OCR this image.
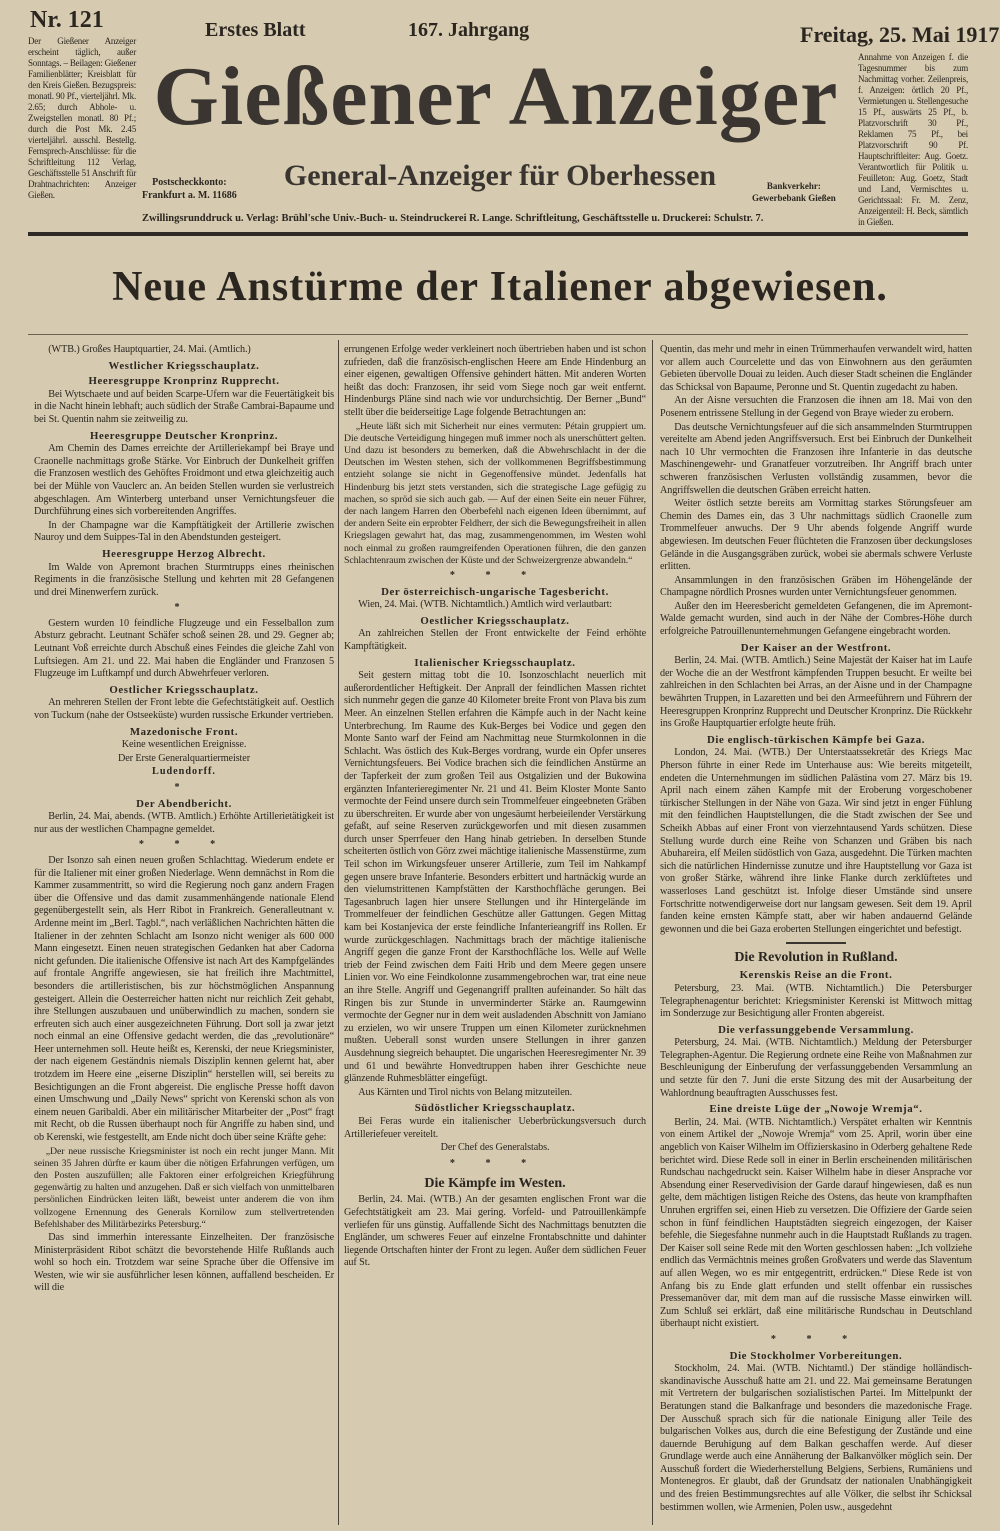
Nr. 121	Erstes Blatt	167. Jahrgang	Freitag, 25. Mai 1917
Der Gießener Anzeiger erscheint täglich, außer Sonntags. – Beilagen: Gießener Familienblätter; Kreisblatt für den Kreis Gießen. Bezugspreis: monatl. 90 Pf., vierteljährl. Mk. 2.65; durch Abhole- u. Zweigstellen monatl. 80 Pf.; durch die Post Mk. 2.45 vierteljährl. ausschl. Bestellg. Fernsprech-Anschlüsse: für die Schriftleitung 112 Verlag, Geschäftsstelle 51 Anschrift für Drahtnachrichten: Anzeiger Gießen.
Gießener Anzeiger
General-Anzeiger für Oberhessen
Annahme von Anzeigen f. die Tagesnummer bis zum Nachmittag vorher. Zeilenpreis, f. Anzeigen: örtlich 20 Pf., Vermietungen u. Stellengesuche 15 Pf., auswärts 25 Pf., b. Platzvorschrift 30 Pf., Reklamen 75 Pf., bei Platzvorschrift 90 Pf. Hauptschriftleiter: Aug. Goetz. Verantwortlich für Politik u. Feuilleton: Aug. Goetz, Stadt und Land, Vermischtes u. Gerichtssaal: Fr. M. Zenz, Anzeigenteil: H. Beck, sämtlich in Gießen.
Postscheckkonto:
Frankfurt a. M. 11686
Bankverkehr:
Gewerbebank Gießen
Zwillingsrunddruck u. Verlag: Brühl'sche Univ.-Buch- u. Steindruckerei R. Lange. Schriftleitung, Geschäftsstelle u. Druckerei: Schulstr. 7.
Neue Anstürme der Italiener abgewiesen.
(WTB.) Großes Hauptquartier, 24. Mai. (Amtlich.)
Westlicher Kriegsschauplatz.
Heeresgruppe Kronprinz Rupprecht.
Bei Wytschaete und auf beiden Scarpe-Ufern war die Feuertätigkeit bis in die Nacht hinein lebhaft; auch südlich der Straße Cambrai-Bapaume und bei St. Quentin nahm sie zeitweilig zu.
Heeresgruppe Deutscher Kronprinz.
Am Chemin des Dames erreichte der Artilleriekampf bei Braye und Craonelle nachmittags große Stärke. Vor Einbruch der Dunkelheit griffen die Franzosen westlich des Gehöftes Froidmont und etwa gleichzeitig auch bei der Mühle von Vauclerc an. An beiden Stellen wurden sie verlustreich abgeschlagen. Am Winterberg unterband unser Vernichtungsfeuer die Durchführung eines sich vorbereitenden Angriffes.
In der Champagne war die Kampftätigkeit der Artillerie zwischen Nauroy und dem Suippes-Tal in den Abendstunden gesteigert.
Heeresgruppe Herzog Albrecht.
Im Walde von Apremont brachen Sturmtrupps eines rheinischen Regiments in die französische Stellung und kehrten mit 28 Gefangenen und drei Minenwerfern zurück.
*
Gestern wurden 10 feindliche Flugzeuge und ein Fesselballon zum Absturz gebracht. Leutnant Schäfer schoß seinen 28. und 29. Gegner ab; Leutnant Voß erreichte durch Abschuß eines Feindes die gleiche Zahl von Luftsiegen. Am 21. und 22. Mai haben die Engländer und Franzosen 5 Flugzeuge im Luftkampf und durch Abwehrfeuer verloren.
Oestlicher Kriegsschauplatz.
An mehreren Stellen der Front lebte die Gefechtstätigkeit auf. Oestlich von Tuckum (nahe der Ostseeküste) wurden russische Erkunder vertrieben.
Mazedonische Front.
Keine wesentlichen Ereignisse.
Der Erste Generalquartiermeister
Ludendorff.
*
Der Abendbericht.
Berlin, 24. Mai, abends. (WTB. Amtlich.) Erhöhte Artillerietätigkeit ist nur aus der westlichen Champagne gemeldet.
* * *
Der Isonzo sah einen neuen großen Schlachttag. Wiederum endete er für die Italiener mit einer großen Niederlage. Wenn demnächst in Rom die Kammer zusammentritt, so wird die Regierung noch ganz andern Fragen über die Offensive und das damit zusammenhängende nationale Elend gegenübergestellt sein, als Herr Ribot in Frankreich. Generalleutnant v. Ardenne meint im „Berl. Tagbl.“, nach verläßlichen Nachrichten hätten die Italiener in der zehnten Schlacht am Isonzo nicht weniger als 600 000 Mann eingesetzt. Einen neuen strategischen Gedanken hat aber Cadorna nicht gefunden. Die italienische Offensive ist nach Art des Kampfgeländes auf frontale Angriffe angewiesen, sie hat freilich ihre Machtmittel, besonders die artilleristischen, bis zur höchstmöglichen Anspannung gesteigert. Allein die Oesterreicher hatten nicht nur reichlich Zeit gehabt, ihre Stellungen auszubauen und unüberwindlich zu machen, sondern sie erfreuten sich auch einer ausgezeichneten Führung. Dort soll ja zwar jetzt noch einmal an eine Offensive gedacht werden, die das „revolutionäre“ Heer unternehmen soll. Heute heißt es, Kerenski, der neue Kriegsminister, der nach eigenem Geständnis niemals Disziplin kennen gelernt hat, aber trotzdem im Heere eine „eiserne Disziplin“ herstellen will, sei bereits zu Besichtigungen an die Front abgereist. Die englische Presse hofft davon einen Umschwung und „Daily News“ spricht von Kerenski schon als von einem neuen Garibaldi. Aber ein militärischer Mitarbeiter der „Post“ fragt mit Recht, ob die Russen überhaupt noch für Angriffe zu haben sind, und ob Kerenski, wie festgestellt, am Ende nicht doch über seine Kräfte gehe:
„Der neue russische Kriegsminister ist noch ein recht junger Mann. Mit seinen 35 Jahren dürfte er kaum über die nötigen Erfahrungen verfügen, um den Posten auszufüllen; alle Faktoren einer erfolgreichen Kriegführung gegenwärtig zu halten und anzugehen. Daß er sich vielfach von unmittelbaren persönlichen Eindrücken leiten läßt, beweist unter anderem die von ihm vollzogene Ernennung des Generals Kornilow zum stellvertretenden Befehlshaber des Militärbezirks Petersburg.“
Das sind immerhin interessante Einzelheiten. Der französische Ministerpräsident Ribot schätzt die bevorstehende Hilfe Rußlands auch wohl so hoch ein. Trotzdem war seine Sprache über die Offensive im Westen, wie wir sie ausführlicher lesen können, auffallend bescheiden. Er will die
errungenen Erfolge weder verkleinert noch übertrieben haben und ist schon zufrieden, daß die französisch-englischen Heere am Ende Hindenburg an einer eigenen, gewaltigen Offensive gehindert hätten. Mit anderen Worten heißt das doch: Franzosen, ihr seid vom Siege noch gar weit entfernt. Hindenburgs Pläne sind nach wie vor undurchsichtig. Der Berner „Bund“ stellt über die beiderseitige Lage folgende Betrachtungen an:
„Heute läßt sich mit Sicherheit nur eines vermuten: Pétain gruppiert um. Die deutsche Verteidigung hingegen muß immer noch als unerschüttert gelten. Und dazu ist besonders zu bemerken, daß die Abwehrschlacht in der die Deutschen im Westen stehen, sich der vollkommenen Begriffsbestimmung entzieht solange sie nicht in Gegenoffensive mündet. Jedenfalls hat Hindenburg bis jetzt stets verstanden, sich die strategische Lage gefügig zu machen, so spröd sie sich auch gab. — Auf der einen Seite ein neuer Führer, der nach langem Harren den Oberbefehl nach eigenen Ideen übernimmt, auf der andern Seite ein erprobter Feldherr, der sich die Bewegungsfreiheit in allen Kriegslagen gewahrt hat, das mag, zusammengenommen, im Westen wohl noch einmal zu großen raumgreifenden Operationen führen, die den ganzen Schlachtenraum zwischen der Küste und der Schweizergrenze abwandeln.“
* * *
Der österreichisch-ungarische Tagesbericht.
Wien, 24. Mai. (WTB. Nichtamtlich.) Amtlich wird verlautbart:
Oestlicher Kriegsschauplatz.
An zahlreichen Stellen der Front entwickelte der Feind erhöhte Kampftätigkeit.
Italienischer Kriegsschauplatz.
Seit gestern mittag tobt die 10. Isonzoschlacht neuerlich mit außerordentlicher Heftigkeit. Der Anprall der feindlichen Massen richtet sich nunmehr gegen die ganze 40 Kilometer breite Front von Plava bis zum Meer. An einzelnen Stellen erfahren die Kämpfe auch in der Nacht keine Unterbrechung. Im Raume des Kuk-Berges bei Vodice und gegen den Monte Santo warf der Feind am Nachmittag neue Sturmkolonnen in die Schlacht. Was östlich des Kuk-Berges vordrang, wurde ein Opfer unseres Vernichtungsfeuers. Bei Vodice brachen sich die feindlichen Anstürme an der Tapferkeit der zum großen Teil aus Ostgalizien und der Bukowina ergänzten Infanterieregimenter Nr. 21 und 41. Beim Kloster Monte Santo vermochte der Feind unsere durch sein Trommelfeuer eingeebneten Gräben zu überschreiten. Er wurde aber von ungesäumt herbeieilender Verstärkung gefaßt, auf seine Reserven zurückgeworfen und mit diesen zusammen durch unser Sperrfeuer den Hang hinab getrieben. In derselben Stunde scheiterten östlich von Görz zwei mächtige italienische Massenstürme, zum Teil schon im Wirkungsfeuer unserer Artillerie, zum Teil im Nahkampf gegen unsere brave Infanterie. Besonders erbittert und hartnäckig wurde an den vielumstrittenen Kampfstätten der Karsthochfläche gerungen. Bei Tagesanbruch lagen hier unsere Stellungen und ihr Hintergelände im Trommelfeuer der feindlichen Geschütze aller Gattungen. Gegen Mittag kam bei Kostanjevica der erste feindliche Infanterieangriff ins Rollen. Er wurde zurückgeschlagen. Nachmittags brach der mächtige italienische Angriff gegen die ganze Front der Karsthochfläche los. Welle auf Welle trieb der Feind zwischen dem Faiti Hrib und dem Meere gegen unsere Linien vor. Wo eine Feindkolonne zusammengebrochen war, trat eine neue an ihre Stelle. Angriff und Gegenangriff prallten aufeinander. So hält das Ringen bis zur Stunde in unverminderter Stärke an. Raumgewinn vermochte der Gegner nur in dem weit ausladenden Abschnitt von Jamiano zu erzielen, wo wir unsere Truppen um einen Kilometer zurücknehmen mußten. Ueberall sonst wurden unsere Stellungen in ihrer ganzen Ausdehnung siegreich behauptet. Die ungarischen Heeresregimenter Nr. 39 und 61 und bewährte Honvedtruppen haben ihrer Geschichte neue glänzende Ruhmesblätter eingefügt.
Aus Kärnten und Tirol nichts von Belang mitzuteilen.
Südöstlicher Kriegsschauplatz.
Bei Feras wurde ein italienischer Ueberbrückungsversuch durch Artilleriefeuer vereitelt.
Der Chef des Generalstabs.
* * *
Die Kämpfe im Westen.
Berlin, 24. Mai. (WTB.) An der gesamten englischen Front war die Gefechtstätigkeit am 23. Mai gering. Vorfeld- und Patrouillenkämpfe verliefen für uns günstig. Auffallende Sicht des Nachmittags benutzten die Engländer, um schweres Feuer auf einzelne Frontabschnitte und dahinter liegende Ortschaften hinter der Front zu legen. Außer dem südlichen Feuer auf St.
Quentin, das mehr und mehr in einen Trümmerhaufen verwandelt wird, hatten vor allem auch Courcelette und das von Einwohnern aus den geräumten Gebieten übervolle Douai zu leiden. Auch dieser Stadt scheinen die Engländer das Schicksal von Bapaume, Peronne und St. Quentin zugedacht zu haben.
An der Aisne versuchten die Franzosen die ihnen am 18. Mai von den Posenern entrissene Stellung in der Gegend von Braye wieder zu erobern.
Das deutsche Vernichtungsfeuer auf die sich ansammelnden Sturmtruppen vereitelte am Abend jeden Angriffsversuch. Erst bei Einbruch der Dunkelheit nach 10 Uhr vermochten die Franzosen ihre Infanterie in das deutsche Maschinengewehr- und Granatfeuer vorzutreiben. Ihr Angriff brach unter schweren französischen Verlusten vollständig zusammen, bevor die Angriffswellen die deutschen Gräben erreicht hatten.
Weiter östlich setzte bereits am Vormittag starkes Störungsfeuer am Chemin des Dames ein, das 3 Uhr nachmittags südlich Craonelle zum Trommelfeuer anwuchs. Der 9 Uhr abends folgende Angriff wurde abgewiesen. Im deutschen Feuer flüchteten die Franzosen über deckungsloses Gelände in die Ausgangsgräben zurück, wobei sie abermals schwere Verluste erlitten.
Ansammlungen in den französischen Gräben im Höhengelände der Champagne nördlich Prosnes wurden unter Vernichtungsfeuer genommen.
Außer den im Heeresbericht gemeldeten Gefangenen, die im Apremont-Walde gemacht wurden, sind auch in der Nähe der Combres-Höhe durch erfolgreiche Patrouillenunternehmungen Gefangene eingebracht worden.
Der Kaiser an der Westfront.
Berlin, 24. Mai. (WTB. Amtlich.) Seine Majestät der Kaiser hat im Laufe der Woche die an der Westfront kämpfenden Truppen besucht. Er weilte bei zahlreichen in den Schlachten bei Arras, an der Aisne und in der Champagne bewährten Truppen, in Lazaretten und bei den Armeeführern und Führern der Heeresgruppen Kronprinz Rupprecht und Deutscher Kronprinz. Die Rückkehr ins Große Hauptquartier erfolgte heute früh.
Die englisch-türkischen Kämpfe bei Gaza.
London, 24. Mai. (WTB.) Der Unterstaatssekretär des Kriegs Mac Pherson führte in einer Rede im Unterhause aus: Wie bereits mitgeteilt, endeten die Unternehmungen im südlichen Palästina vom 27. März bis 19. April nach einem zähen Kampfe mit der Eroberung vorgeschobener türkischer Stellungen in der Nähe von Gaza. Wir sind jetzt in enger Fühlung mit den feindlichen Hauptstellungen, die die Stadt zwischen der See und Scheikh Abbas auf einer Front von vierzehntausend Yards schützen. Diese Stellung wurde durch eine Reihe von Schanzen und Gräben bis nach Abuhareira, elf Meilen südöstlich von Gaza, ausgedehnt. Die Türken machten sich die natürlichen Hindernisse zunutze und ihre Hauptstellung vor Gaza ist von großer Stärke, während ihre linke Flanke durch zerklüftetes und wasserloses Land geschützt ist. Infolge dieser Umstände sind unsere Fortschritte notwendigerweise dort nur langsam gewesen. Seit dem 19. April fanden keine ernsten Kämpfe statt, aber wir haben andauernd Gelände gewonnen und die bei Gaza eroberten Stellungen eingerichtet und befestigt.
Die Revolution in Rußland.
Kerenskis Reise an die Front.
Petersburg, 23. Mai. (WTB. Nichtamtlich.) Die Petersburger Telegraphenagentur berichtet: Kriegsminister Kerenski ist Mittwoch mittag im Sonderzuge zur Besichtigung aller Fronten abgereist.
Die verfassunggebende Versammlung.
Petersburg, 24. Mai. (WTB. Nichtamtlich.) Meldung der Petersburger Telegraphen-Agentur. Die Regierung ordnete eine Reihe von Maßnahmen zur Beschleunigung der Einberufung der verfassunggebenden Versammlung an und setzte für den 7. Juni die erste Sitzung des mit der Ausarbeitung der Wahlordnung beauftragten Ausschusses fest.
Eine dreiste Lüge der „Nowoje Wremja“.
Berlin, 24. Mai. (WTB. Nichtamtlich.) Verspätet erhalten wir Kenntnis von einem Artikel der „Nowoje Wremja“ vom 25. April, worin über eine angeblich von Kaiser Wilhelm im Offizierskasino in Oderberg gehaltene Rede berichtet wird. Diese Rede soll in einer in Berlin erscheinenden militärischen Rundschau nachgedruckt sein. Kaiser Wilhelm habe in dieser Ansprache vor Absendung einer Reservedivision der Garde darauf hingewiesen, daß es nun gelte, dem mächtigen listigen Reiche des Ostens, das heute von krampfhaften Unruhen ergriffen sei, einen Hieb zu versetzen. Die Offiziere der Garde seien schon in fünf feindlichen Hauptstädten siegreich eingezogen, der Kaiser befehle, die Siegesfahne nunmehr auch in die Hauptstadt Rußlands zu tragen. Der Kaiser soll seine Rede mit den Worten geschlossen haben: „Ich vollziehe endlich das Vermächtnis meines großen Großvaters und werde das Slaventum auf allen Wegen, wo es mir entgegentritt, erdrücken.“ Diese Rede ist von Anfang bis zu Ende glatt erfunden und stellt offenbar ein russisches Pressemanöver dar, mit dem man auf die russische Masse einwirken will. Zum Schluß sei erklärt, daß eine militärische Rundschau in Deutschland überhaupt nicht existiert.
* * *
Die Stockholmer Vorbereitungen.
Stockholm, 24. Mai. (WTB. Nichtamtl.) Der ständige holländisch-skandinavische Ausschuß hatte am 21. und 22. Mai gemeinsame Beratungen mit Vertretern der bulgarischen sozialistischen Partei. Im Mittelpunkt der Beratungen stand die Balkanfrage und besonders die mazedonische Frage. Der Ausschuß sprach sich für die nationale Einigung aller Teile des bulgarischen Volkes aus, durch die eine Befestigung der Zustände und eine dauernde Beruhigung auf dem Balkan geschaffen werde. Auf dieser Grundlage werde auch eine Annäherung der Balkanvölker möglich sein. Der Ausschuß fordert die Wiederherstellung Belgiens, Serbiens, Rumäniens und Montenegros. Er glaubt, daß der Grundsatz der nationalen Unabhängigkeit und des freien Bestimmungsrechtes auf alle Völker, die selbst ihr Schicksal bestimmen wollen, wie Armenien, Polen usw., ausgedehnt
